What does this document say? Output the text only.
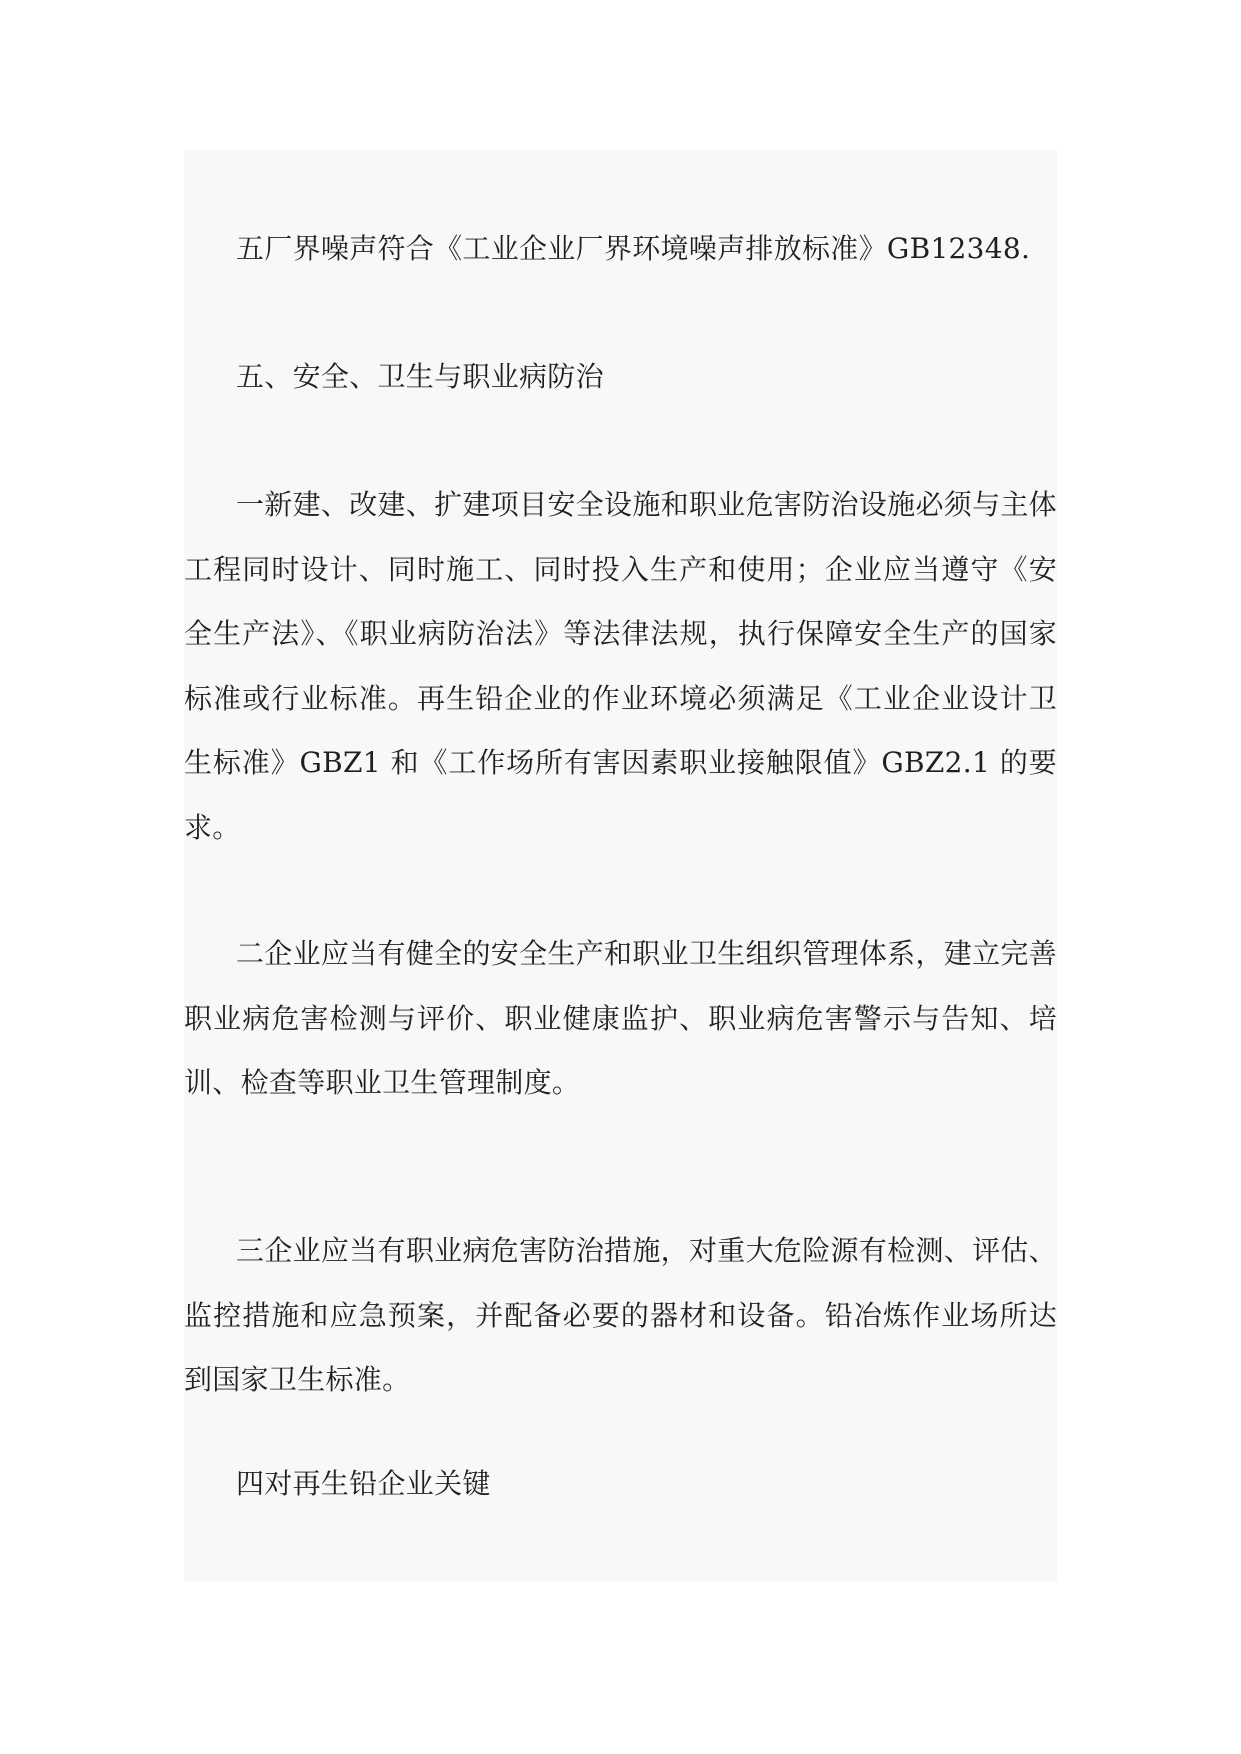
五厂界噪声符合《工业企业厂界环境噪声排放标准》GB12348.

五、安全、卫生与职业病防治

一新建、改建、扩建项目安全设施和职业危害防治设施必须与主体工程同时设计、同时施工、同时投入生产和使用；企业应当遵守《安全生产法》、《职业病防治法》等法律法规，执行保障安全生产的国家标准或行业标准。再生铅企业的作业环境必须满足《工业企业设计卫生标准》GBZ1 和《工作场所有害因素职业接触限值》GBZ2.1 的要求。

二企业应当有健全的安全生产和职业卫生组织管理体系，建立完善职业病危害检测与评价、职业健康监护、职业病危害警示与告知、培训、检查等职业卫生管理制度。

三企业应当有职业病危害防治措施，对重大危险源有检测、评估、监控措施和应急预案，并配备必要的器材和设备。铅冶炼作业场所达到国家卫生标准。

四对再生铅企业关键
